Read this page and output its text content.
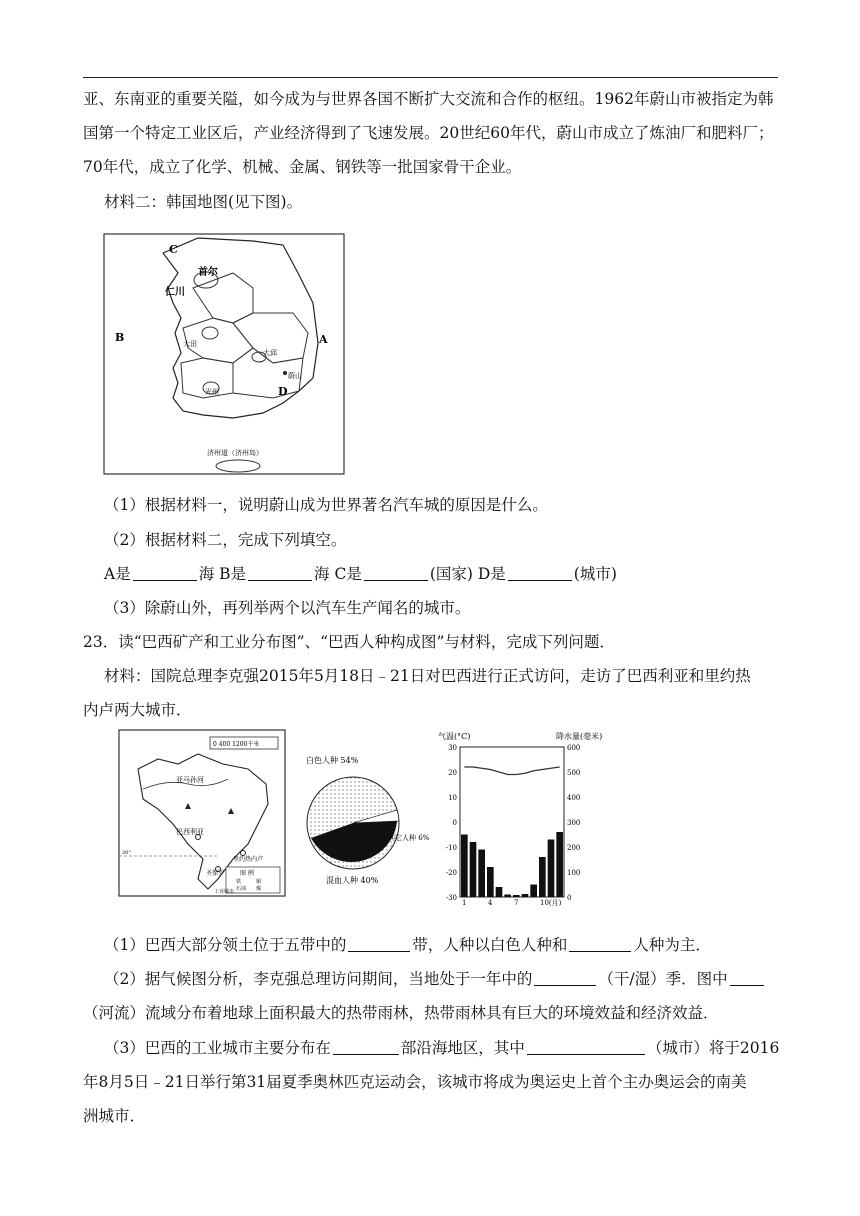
亚、东南亚的重要关隘，如今成为与世界各国不断扩大交流和合作的枢纽。1962年蔚山市被指定为韩
国第一个特定工业区后，产业经济得到了飞速发展。20世纪60年代，蔚山市成立了炼油厂和肥料厂；
70年代，成立了化学、机械、金属、钢铁等一批国家骨干企业。
材料二：韩国地图(见下图)。
C
B	A
D
首尔
仁川
大田
大邱
蔚山
光州
济州道（济州岛）
（1）根据材料一，说明蔚山成为世界著名汽车城的原因是什么。
（2）根据材料二，完成下列填空。
A是	海 B是	海 C是	(国家) D是	(城市)
（3）除蔚山外，再列举两个以汽车生产闻名的城市。
23．读“巴西矿产和工业分布图”、“巴西人种构成图”与材料，完成下列问题．
材料：国院总理李克强2015年5月18日﹣21日对巴西进行正式访问，走访了巴西利亚和里约热
内卢两大城市．
0 400 1200千米
20°
亚马孙河
巴西利亚
里约热内卢
圣保罗	图 例
铁	铜
石油 煤
工业城市
白色人种 54%
其它人种 6%
混血人种 40%
气温(°C)	降水量(毫米)
30
20
10
0
-10
-20
-30
600
500
400
300
200
100
0
1	4	7	10(月)
（1）巴西大部分领土位于五带中的	带，人种以白色人种和	人种为主．
（2）据气候图分析，李克强总理访问期间，当地处于一年中的	（干/湿）季．图中
（河流）流域分布着地球上面积最大的热带雨林，热带雨林具有巨大的环境效益和经济效益．
（3）巴西的工业城市主要分布在	部沿海地区，其中	（城市）将于2016
年8月5日﹣21日举行第31届夏季奥林匹克运动会，该城市将成为奥运史上首个主办奥运会的南美
洲城市．
